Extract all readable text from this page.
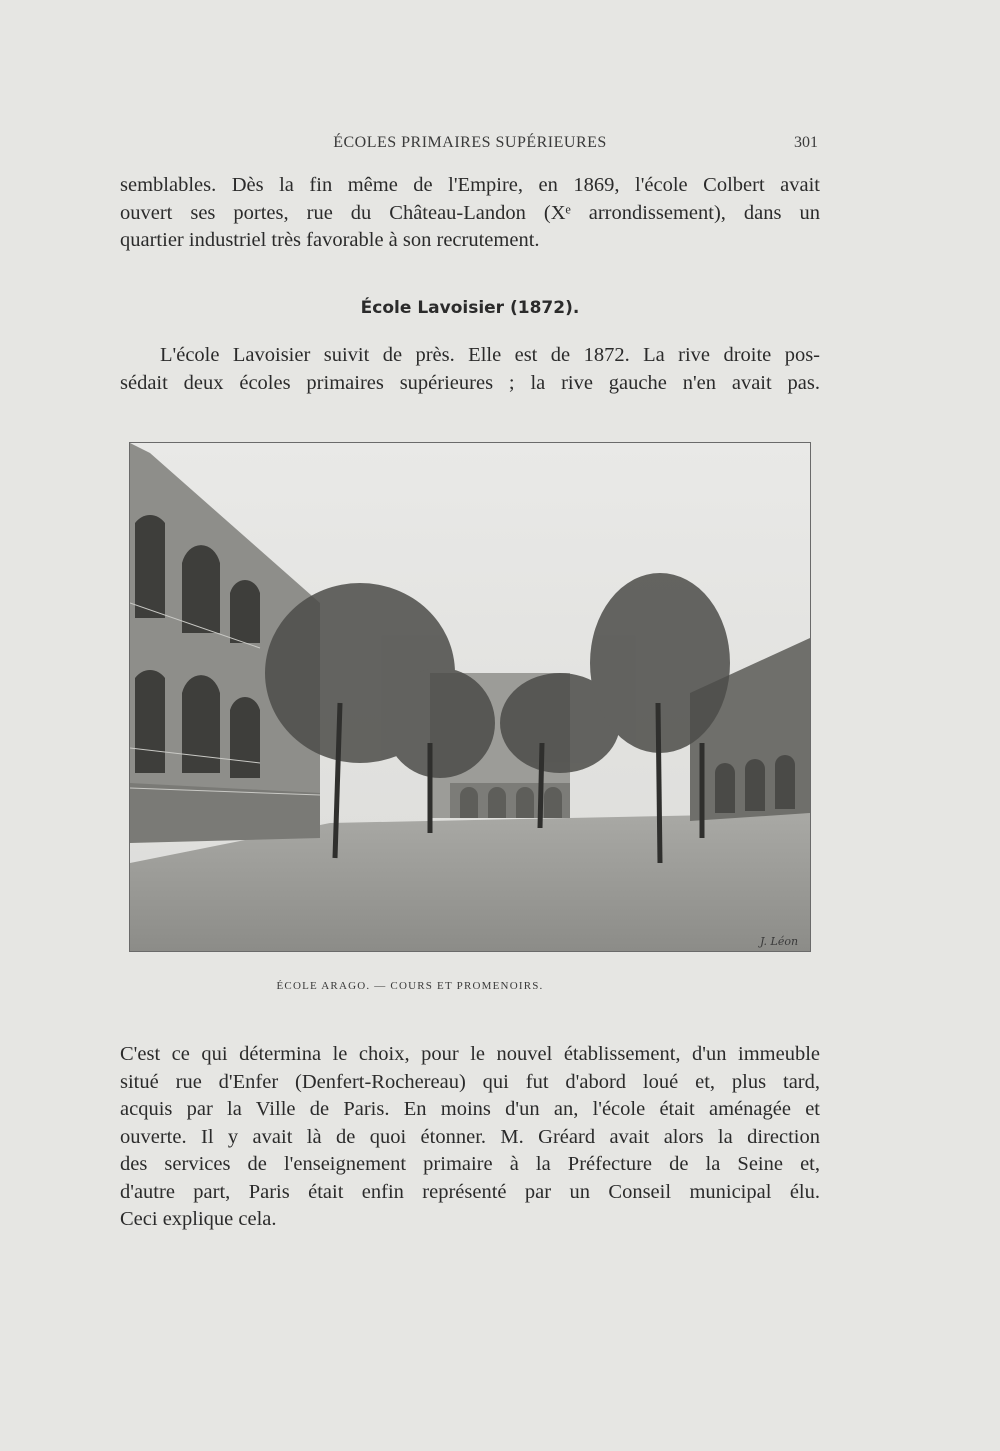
ÉCOLES PRIMAIRES SUPÉRIEURES	301
semblables. Dès la fin même de l'Empire, en 1869, l'école Colbert avait
ouvert ses portes, rue du Château-Landon (Xᵉ arrondissement), dans un
quartier industriel très favorable à son recrutement.
École Lavoisier (1872).
L'école Lavoisier suivit de près. Elle est de 1872. La rive droite pos-
sédait deux écoles primaires supérieures ; la rive gauche n'en avait pas.
J. Léon
ÉCOLE ARAGO. — COURS ET PROMENOIRS.
C'est ce qui détermina le choix, pour le nouvel établissement, d'un immeuble
situé rue d'Enfer (Denfert-Rochereau) qui fut d'abord loué et, plus tard,
acquis par la Ville de Paris. En moins d'un an, l'école était aménagée et
ouverte. Il y avait là de quoi étonner. M. Gréard avait alors la direction
des services de l'enseignement primaire à la Préfecture de la Seine et,
d'autre part, Paris était enfin représenté par un Conseil municipal élu.
Ceci explique cela.
